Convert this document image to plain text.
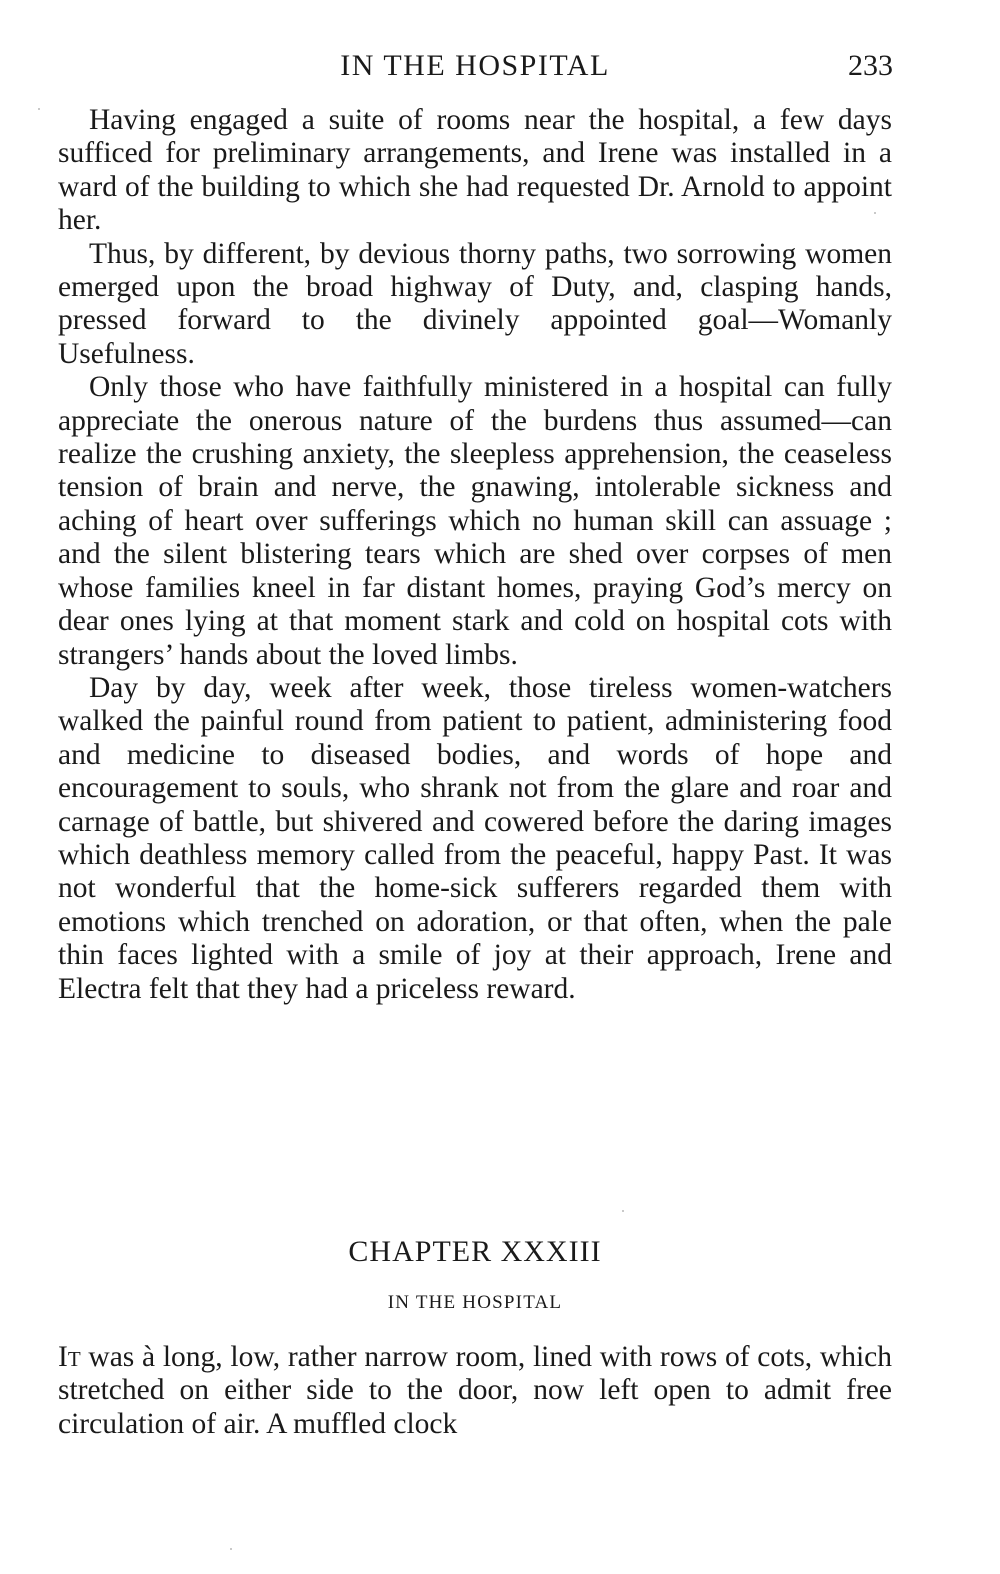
IN THE HOSPITAL	233

Having engaged a suite of rooms near the hospital, a few days sufficed for preliminary arrangements, and Irene was installed in a ward of the building to which she had requested Dr. Arnold to appoint her.

Thus, by different, by devious thorny paths, two sorrowing women emerged upon the broad highway of Duty, and, clasping hands, pressed forward to the divinely appointed goal—Womanly Usefulness.

Only those who have faithfully ministered in a hospital can fully appreciate the onerous nature of the burdens thus assumed—can realize the crushing anxiety, the sleepless apprehension, the ceaseless tension of brain and nerve, the gnawing, intolerable sickness and aching of heart over sufferings which no human skill can assuage ; and the silent blistering tears which are shed over corpses of men whose families kneel in far distant homes, praying God’s mercy on dear ones lying at that moment stark and cold on hospital cots with strangers’ hands about the loved limbs.

Day by day, week after week, those tireless women-watchers walked the painful round from patient to patient, administering food and medicine to diseased bodies, and words of hope and encouragement to souls, who shrank not from the glare and roar and carnage of battle, but shivered and cowered before the daring images which deathless memory called from the peaceful, happy Past. It was not wonderful that the home-sick sufferers regarded them with emotions which trenched on adoration, or that often, when the pale thin faces lighted with a smile of joy at their approach, Irene and Electra felt that they had a priceless reward.

CHAPTER XXXIII
IN THE HOSPITAL

It was à long, low, rather narrow room, lined with rows of cots, which stretched on either side to the door, now left open to admit free circulation of air. A muffled clock
